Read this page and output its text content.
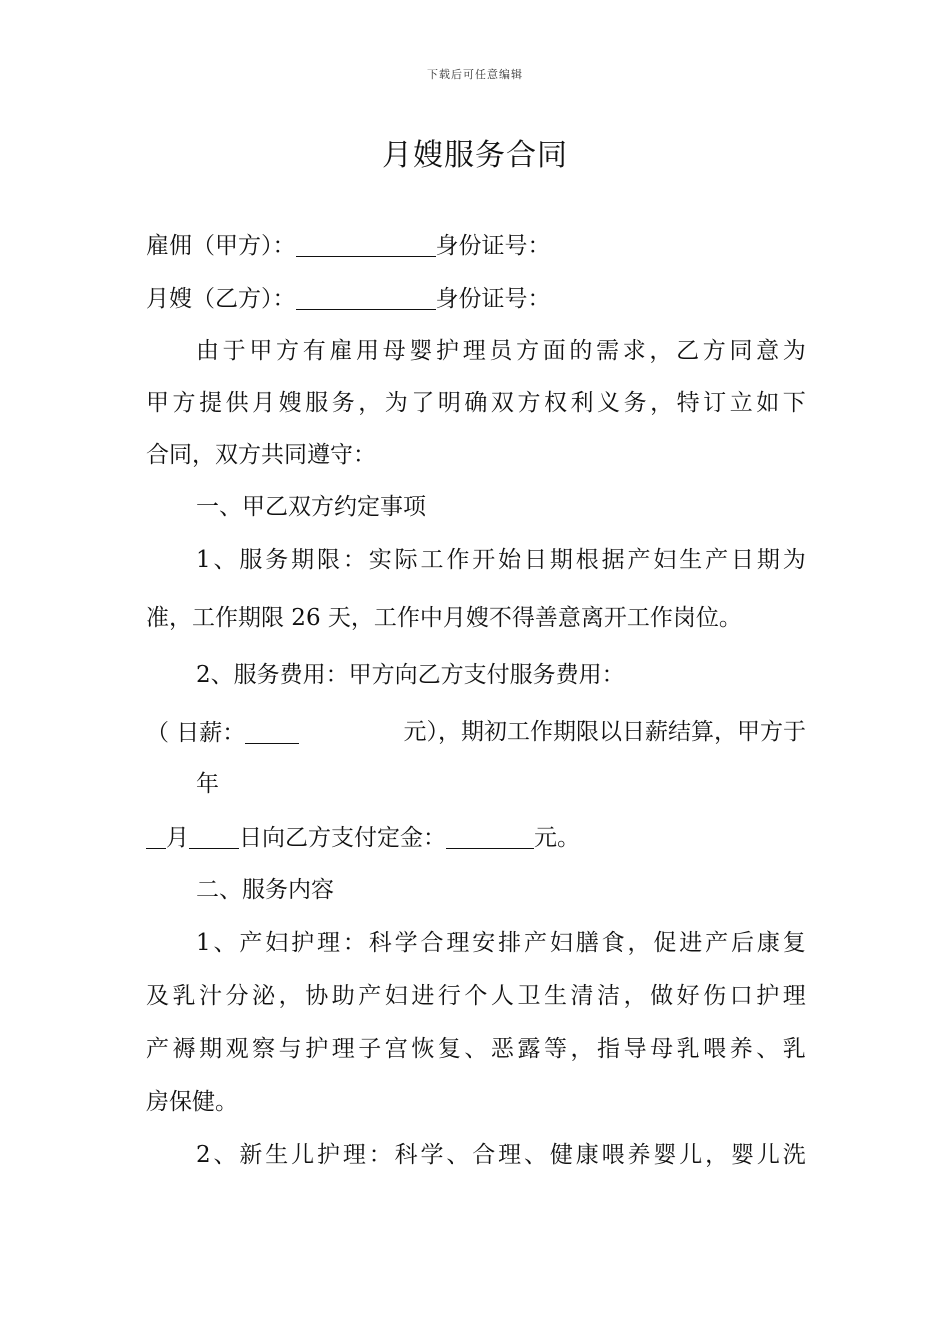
下载后可任意编辑
月嫂服务合同
雇佣（甲方）：	身份证号：
月嫂（乙方）：	身份证号：
由 于 甲 方 有 雇 用 母 婴 护 理 员 方 面 的 需 求 ， 乙 方 同 意 为
甲 方 提 供 月 嫂 服 务 ， 为 了 明 确 双 方 权 利 义 务 ， 特 订 立 如 下
合同，双方共同遵守：
一、甲乙双方约定事项
1 、 服 务 期 限 ： 实 际 工 作 开 始 日 期 根 据 产 妇 生 产 日 期 为
准，工作期限 26 天，工作中月嫂不得善意离开工作岗位。
2、服务费用：甲方向乙方支付服务费用：
（ 日薪：	元），期初工作期限以日薪结算，甲方于
年
月 日向乙方支付定金：	元。
二、服务内容
1 、 产 妇 护 理 ： 科 学 合 理 安 排 产 妇 膳 食 ， 促 进 产 后 康 复
及 乳 汁 分 泌 ， 协 助 产 妇 进 行 个 人 卫 生 清 洁 ， 做 好 伤 口 护 理
产 褥 期 观 察 与 护 理 子 宫 恢 复 、 恶 露 等 ， 指 导 母 乳 喂 养 、 乳
房保健。
2 、 新 生 儿 护 理 ： 科 学 、 合 理 、 健 康 喂 养 婴 儿 ， 婴 儿 洗
